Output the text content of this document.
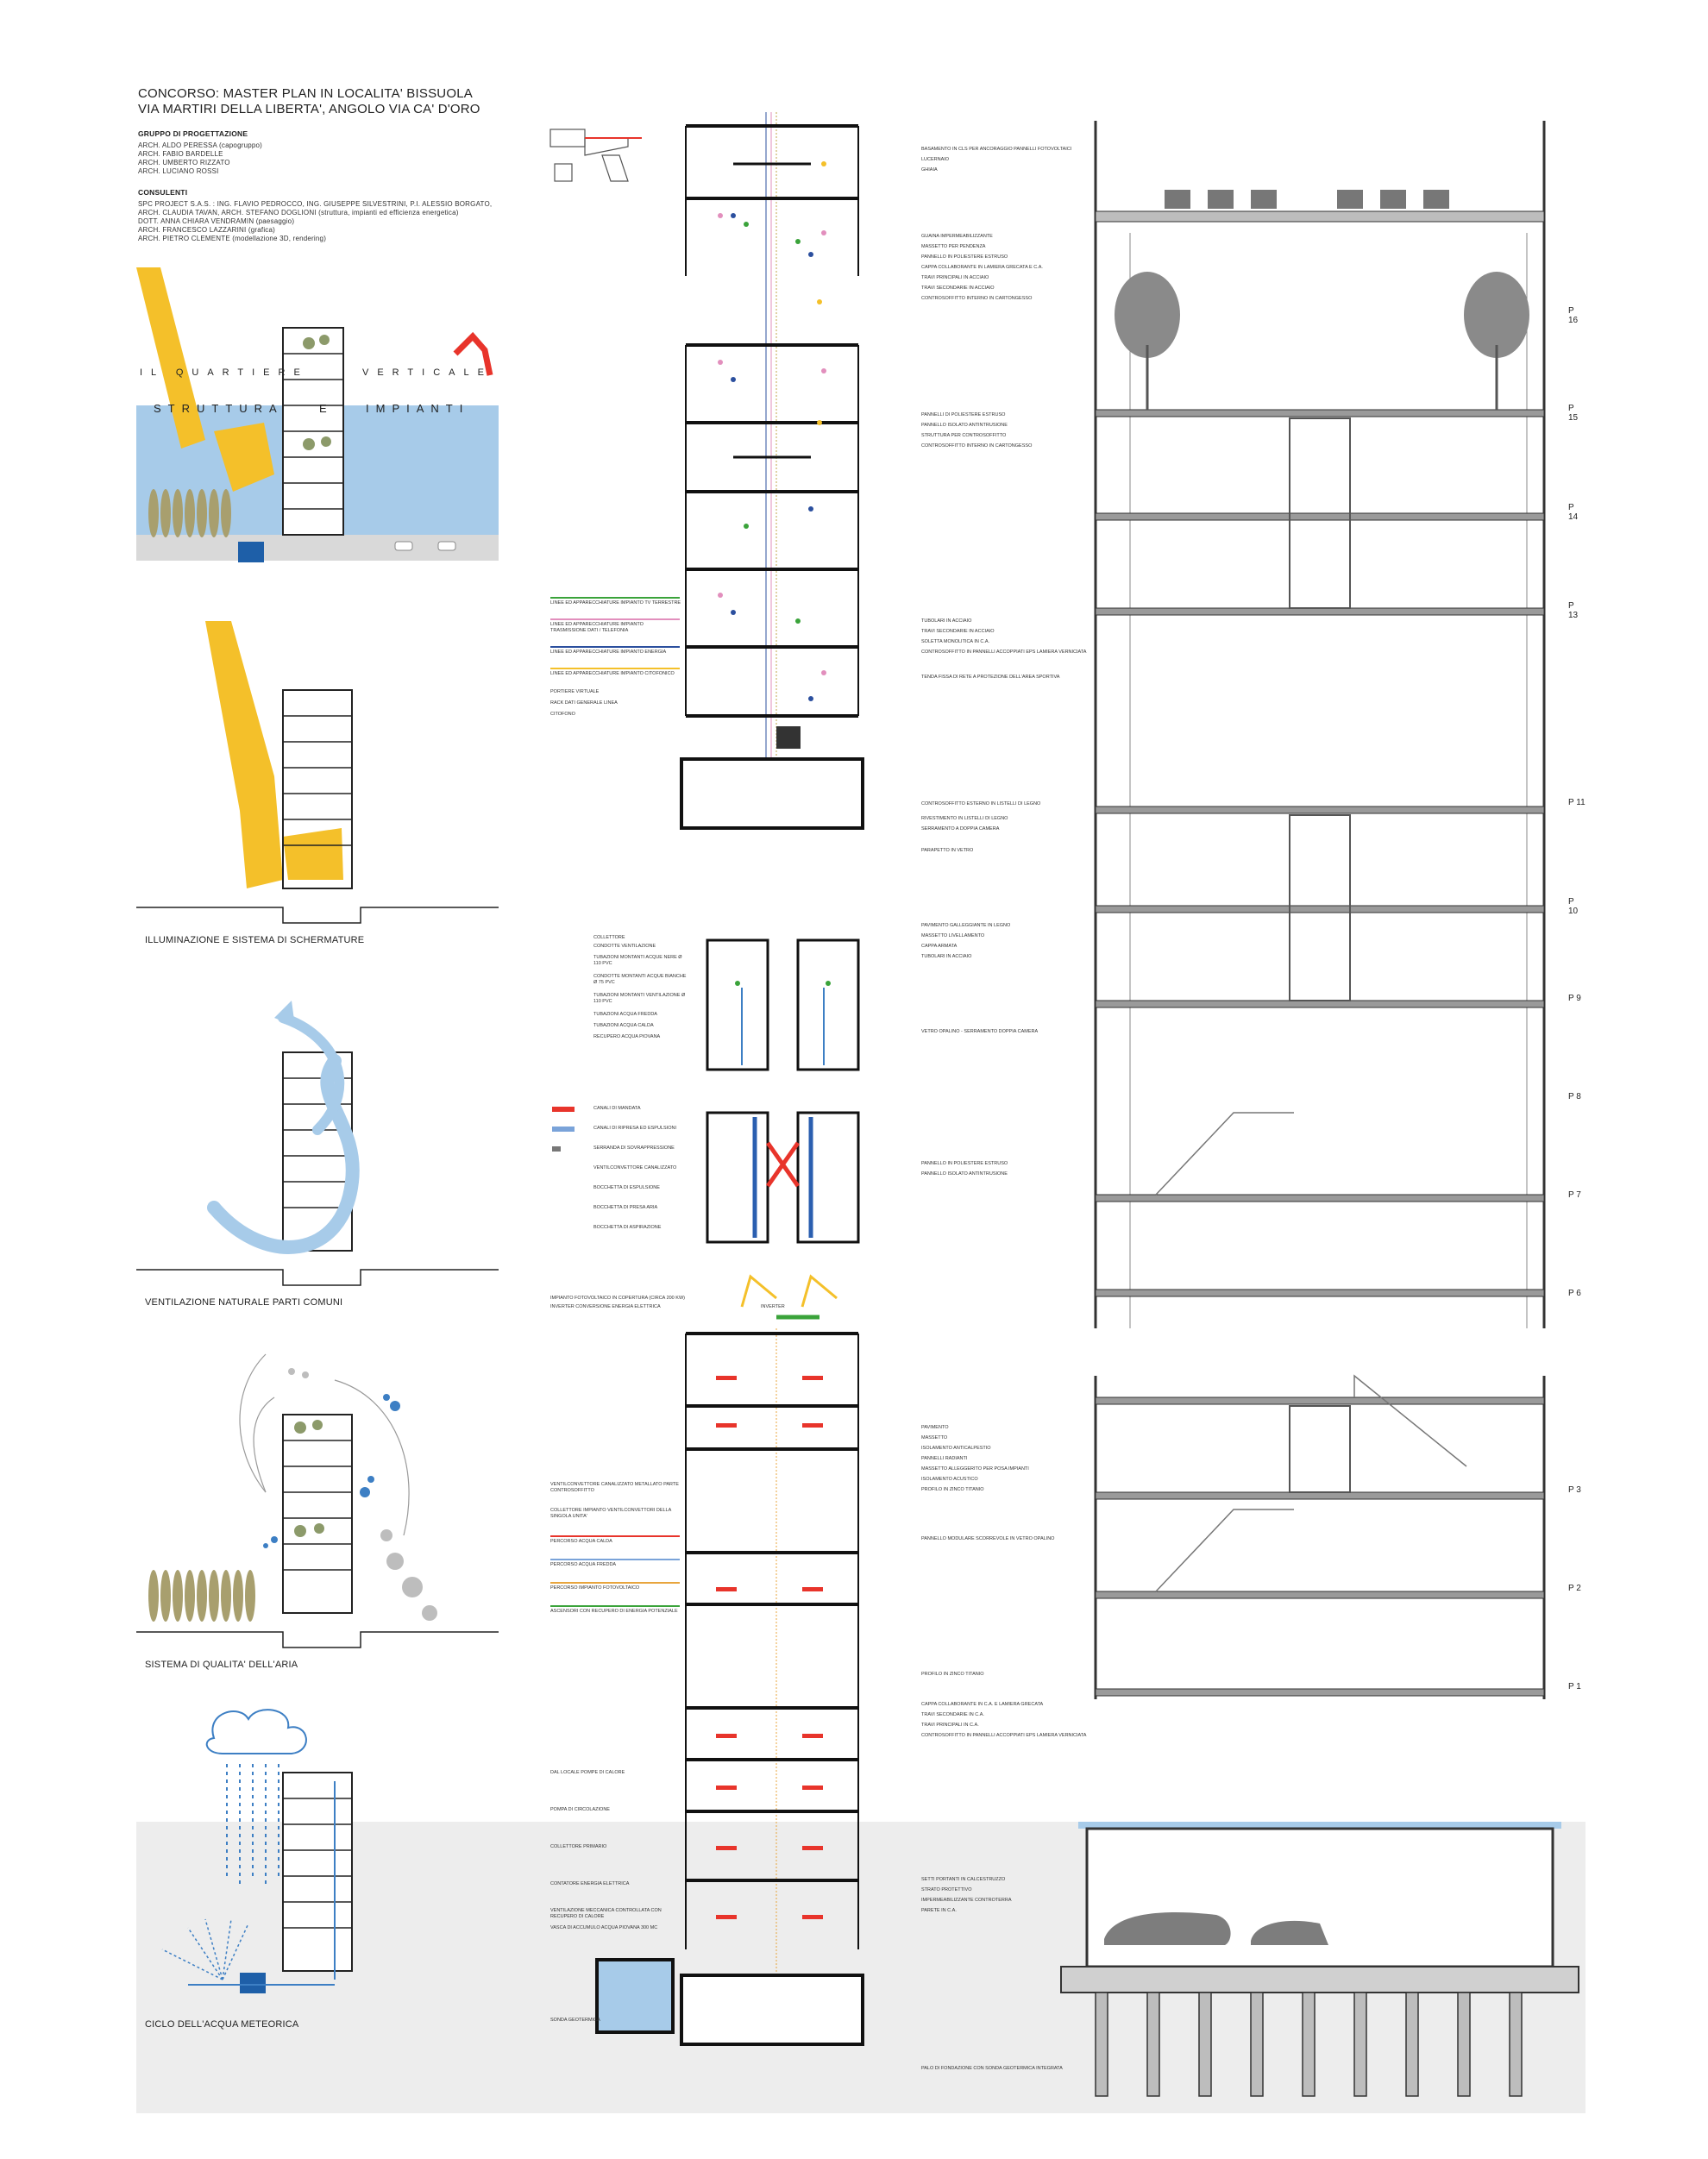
CONCORSO: MASTER PLAN IN LOCALITA' BISSUOLA
VIA MARTIRI DELLA LIBERTA', ANGOLO VIA CA' D'ORO
GRUPPO DI PROGETTAZIONE
ARCH. ALDO PERESSA (capogruppo)
ARCH. FABIO BARDELLE
ARCH. UMBERTO RIZZATO
ARCH. LUCIANO ROSSI
CONSULENTI
SPC PROJECT S.A.S. : ING. FLAVIO PEDROCCO, ING. GIUSEPPE SILVESTRINI, P.I. ALESSIO BORGATO,
ARCH. CLAUDIA TAVAN, ARCH. STEFANO DOGLIONI (struttura, impianti ed efficienza energetica)
DOTT. ANNA CHIARA VENDRAMIN (paesaggio)
ARCH. FRANCESCO LAZZARINI (grafica)
ARCH. PIETRO CLEMENTE (modellazione 3D, rendering)
IL QUARTIERE	VERTICALE
STRUTTURA	E	IMPIANTI
ILLUMINAZIONE E SISTEMA DI SCHERMATURE
VENTILAZIONE NATURALE PARTI COMUNI
SISTEMA DI QUALITA' DELL'ARIA
CICLO DELL'ACQUA METEORICA
LINEE ED APPARECCHIATURE IMPIANTO TV TERRESTRE
LINEE ED APPARECCHIATURE IMPIANTO TRASMISSIONE DATI / TELEFONIA
LINEE ED APPARECCHIATURE IMPIANTO ENERGIA
LINEE ED APPARECCHIATURE IMPIANTO CITOFONICO
PORTIERE VIRTUALE
RACK DATI GENERALE LINEA
CITOFONO
COLLETTORE
CONDOTTE VENTILAZIONE
TUBAZIONI MONTANTI ACQUE NERE Ø 110 PVC
CONDOTTE MONTANTI ACQUE BIANCHE Ø 75 PVC
TUBAZIONI MONTANTI VENTILAZIONE Ø 110 PVC
TUBAZIONI ACQUA FREDDA
TUBAZIONI ACQUA CALDA
RECUPERO ACQUA PIOVANA
CANALI DI MANDATA
CANALI DI RIPRESA ED ESPULSIONI
SERRANDA DI SOVRAPPRESSIONE
VENTILCONVETTORE CANALIZZATO
BOCCHETTA DI ESPULSIONE
BOCCHETTA DI PRESA ARIA
BOCCHETTA DI ASPIRAZIONE
IMPIANTO FOTOVOLTAICO IN COPERTURA (CIRCA 200 KW)
INVERTER CONVERSIONE ENERGIA ELETTRICA	INVERTER
VENTILCONVETTORE CANALIZZATO METALLATO PARTE CONTROSOFFITTO
COLLETTORE IMPIANTO VENTILCONVETTORI DELLA SINGOLA UNITA'
PERCORSO ACQUA CALDA
PERCORSO ACQUA FREDDA
PERCORSO IMPIANTO FOTOVOLTAICO
ASCENSORI CON RECUPERO DI ENERGIA POTENZIALE
DAL LOCALE POMPE DI CALORE
POMPA DI CIRCOLAZIONE
COLLETTORE PRIMARIO
CONTATORE ENERGIA ELETTRICA
VENTILAZIONE MECCANICA CONTROLLATA CON RECUPERO DI CALORE
VASCA DI ACCUMULO ACQUA PIOVANA 300 MC
SONDA GEOTERMICA
P 16
P 15
P 14
P 13
P 11
P 10
P 9
P 8
P 7
P 6
P 3
P 2
P 1
BASAMENTO IN CLS PER ANCORAGGIO PANNELLI FOTOVOLTAICI
LUCERNAIO
GHIAIA
GUAINA IMPERMEABILIZZANTE
MASSETTO PER PENDENZA
PANNELLO IN POLIESTERE ESTRUSO
CAPPA COLLABORANTE IN LAMIERA GRECATA E C.A.
TRAVI PRINCIPALI IN ACCIAIO
TRAVI SECONDARIE IN ACCIAIO
CONTROSOFFITTO INTERNO IN CARTONGESSO
PANNELLI DI POLIESTERE ESTRUSO
PANNELLO ISOLATO ANTINTRUSIONE
STRUTTURA PER CONTROSOFFITTO
CONTROSOFFITTO INTERNO IN CARTONGESSO
TUBOLARI IN ACCIAIO
TRAVI SECONDARIE IN ACCIAIO
SOLETTA MONOLITICA IN C.A.
CONTROSOFFITTO IN PANNELLI ACCOPPIATI EPS LAMIERA VERNICIATA
TENDA FISSA DI RETE A PROTEZIONE DELL'AREA SPORTIVA
CONTROSOFFITTO ESTERNO IN LISTELLI DI LEGNO
RIVESTIMENTO IN LISTELLI DI LEGNO
SERRAMENTO A DOPPIA CAMERA
PARAPETTO IN VETRO
PAVIMENTO GALLEGGIANTE IN LEGNO
MASSETTO LIVELLAMENTO
CAPPA ARMATA
TUBOLARI IN ACCIAIO
VETRO OPALINO - SERRAMENTO DOPPIA CAMERA
PANNELLO IN POLIESTERE ESTRUSO
PANNELLO ISOLATO ANTINTRUSIONE
PAVIMENTO
MASSETTO
ISOLAMENTO ANTICALPESTIO
PANNELLI RADIANTI
MASSETTO ALLEGGERITO PER POSA IMPIANTI
ISOLAMENTO ACUSTICO
PROFILO IN ZINCO TITANIO
PANNELLO MODULARE SCORREVOLE IN VETRO OPALINO
PROFILO IN ZINCO TITANIO
CAPPA COLLABORANTE IN C.A. E LAMIERA GRECATA
TRAVI SECONDARIE IN C.A.
TRAVI PRINCIPALI IN C.A.
CONTROSOFFITTO IN PANNELLI ACCOPPIATI EPS LAMIERA VERNICIATA
SETTI PORTANTI IN CALCESTRUZZO
STRATO PROTETTIVO
IMPERMEABILIZZANTE CONTROTERRA
PARETE IN C.A.
PALO DI FONDAZIONE CON SONDA GEOTERMICA INTEGRATA
